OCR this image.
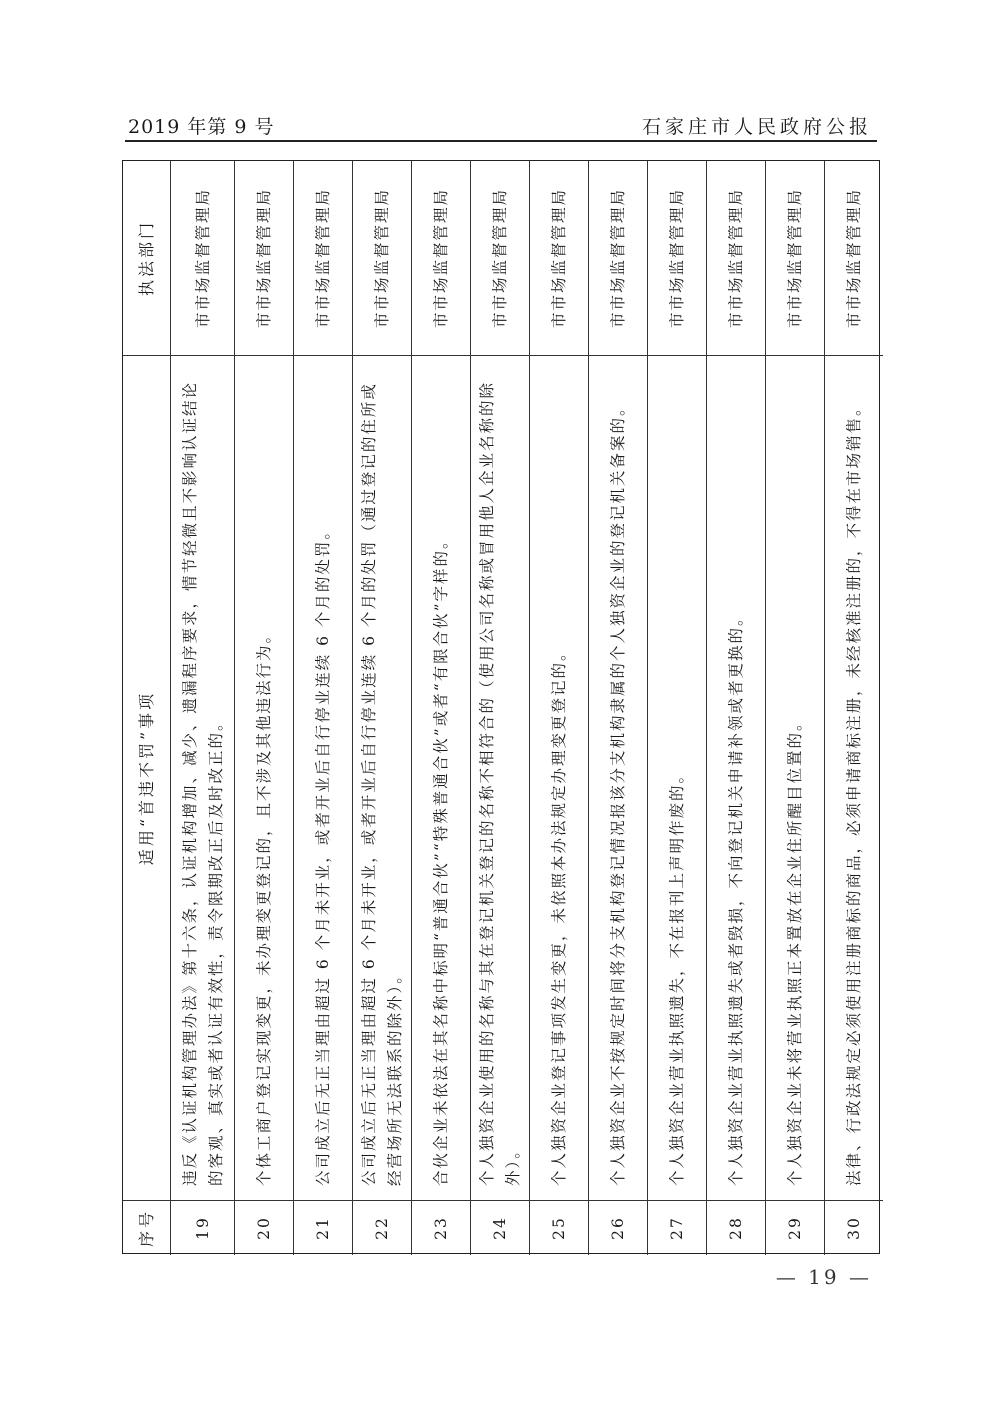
2019 年第 9 号	石家庄市人民政府公报
序号
适用“首违不罚”事项
执法部门
19
违反《认证机构管理办法》第十六条，认证机构增加、减少、遗漏程序要求，情节轻微且不影响认证结论的客观、真实或者认证有效性，责令限期改正后及时改正的。
市市场监督管理局
20
个体工商户登记实现变更，未办理变更登记的，且不涉及其他违法行为。
市市场监督管理局
21
公司成立后无正当理由超过 6 个月未开业，或者开业后自行停业连续 6 个月的处罚。
市市场监督管理局
22
公司成立后无正当理由超过 6 个月未开业，或者开业后自行停业连续 6 个月的处罚（通过登记的住所或经营场所无法联系的除外）。
市市场监督管理局
23
合伙企业未依法在其名称中标明“普通合伙”“特殊普通合伙”或者“有限合伙”字样的。
市市场监督管理局
24
个人独资企业使用的名称与其在登记机关登记的名称不相符合的（使用公司名称或冒用他人企业名称的除外）。
市市场监督管理局
25
个人独资企业登记事项发生变更，未依照本办法规定办理变更登记的。
市市场监督管理局
26
个人独资企业不按规定时间将分支机构登记情况报该分支机构隶属的个人独资企业的登记机关备案的。
市市场监督管理局
27
个人独资企业营业执照遗失，不在报刊上声明作废的。
市市场监督管理局
28
个人独资企业营业执照遗失或者毁损，不向登记机关申请补领或者更换的。
市市场监督管理局
29
个人独资企业未将营业执照正本置放在企业住所醒目位置的。
市市场监督管理局
30
法律、行政法规定必须使用注册商标的商品，必须申请商标注册，未经核准注册的，不得在市场销售。
市市场监督管理局
— 19 —
